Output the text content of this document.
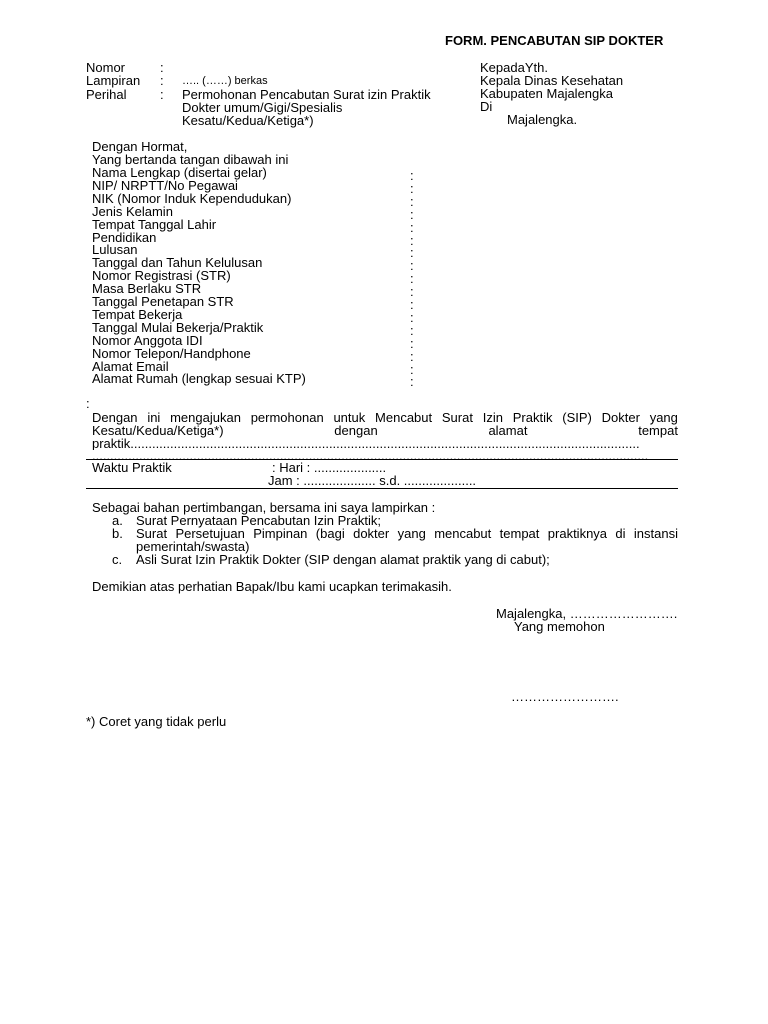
FORM. PENCABUTAN SIP DOKTER
Nomor	:
Lampiran : ….. (……) berkas
Perihal	: Permohonan Pencabutan Surat izin Praktik
Dokter umum/Gigi/Spesialis
Kesatu/Kedua/Ketiga*)
KepadaYth.
Kepala Dinas Kesehatan
Kabupaten Majalengka
Di
Majalengka.
Dengan Hormat,
Yang bertanda tangan dibawah ini
Nama Lengkap (disertai gelar)	:
NIP/ NRPTT/No Pegawai	:
NIK (Nomor Induk Kependudukan)	:
Jenis Kelamin	:
Tempat Tanggal Lahir	:
Pendidikan	:
Lulusan	:
Tanggal dan Tahun Kelulusan	:
Nomor Registrasi (STR)	:
Masa Berlaku STR	:
Tanggal Penetapan STR	:
Tempat Bekerja	:
Tanggal Mulai Bekerja/Praktik	:
Nomor Anggota IDI	:
Nomor Telepon/Handphone	:
Alamat Email	:
Alamat Rumah (lengkap sesuai KTP)	:
:
Dengan ini mengajukan permohonan untuk Mencabut Surat Izin Praktik (SIP) Dokter yang
Kesatu/Kedua/Ketiga*)	dengan	alamat	tempat
praktik.............................................................................................................................................
..........................................................................................................................................................
Waktu Praktik	: Hari : ....................
Jam : .................... s.d. ....................
Sebagai bahan pertimbangan, bersama ini saya lampirkan :
a. Surat Pernyataan Pencabutan Izin Praktik;
b. Surat Persetujuan Pimpinan (bagi dokter yang mencabut tempat praktiknya di instansi
pemerintah/swasta)
c. Asli Surat Izin Praktik Dokter (SIP dengan alamat praktik yang di cabut);
Demikian atas perhatian Bapak/Ibu kami ucapkan terimakasih.
Majalengka, …………………….
Yang memohon
…………………….
*) Coret yang tidak perlu
